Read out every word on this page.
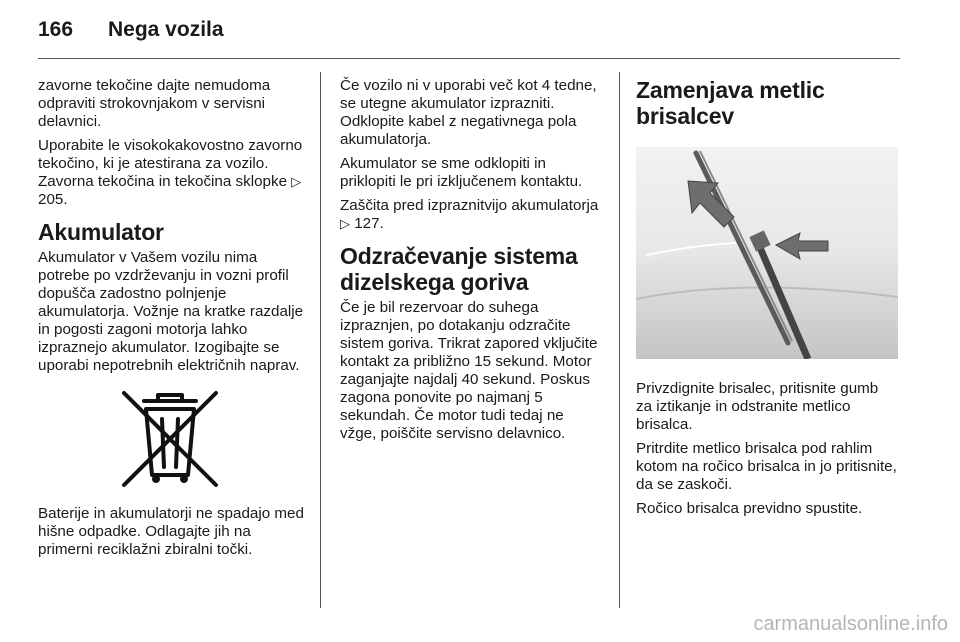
166 Nega vozila

zavorne tekočine dajte nemudoma odpraviti strokovnjakom v servisni delavnici.

Uporabite le visokokakovostno zavorno tekočino, ki je atestirana za vozilo. Zavorna tekočina in tekočina sklopke ▷ 205.

Akumulator

Akumulator v Vašem vozilu nima potrebe po vzdrževanju in vozni profil dopušča zadostno polnjenje akumulatorja. Vožnje na kratke razdalje in pogosti zagoni motorja lahko izpraznejo akumulator. Izogibajte se uporabi nepotrebnih električnih naprav.

Baterije in akumulatorji ne spadajo med hišne odpadke. Odlagajte jih na primerni reciklažni zbiralni točki.

Če vozilo ni v uporabi več kot 4 tedne, se utegne akumulator izprazniti. Odklopite kabel z negativnega pola akumulatorja.

Akumulator se sme odklopiti in priklopiti le pri izključenem kontaktu.

Zaščita pred izpraznitvijo akumulatorja ▷ 127.

Odzračevanje sistema dizelskega goriva

Če je bil rezervoar do suhega izpraznjen, po dotakanju odzračite sistem goriva. Trikrat zapored vključite kontakt za približno 15 sekund. Motor zaganjajte najdalj 40 sekund. Poskus zagona ponovite po najmanj 5 sekundah. Če motor tudi tedaj ne vžge, poiščite servisno delavnico.

Zamenjava metlic brisalcev

Privzdignite brisalec, pritisnite gumb za iztikanje in odstranite metlico brisalca.

Pritrdite metlico brisalca pod rahlim kotom na ročico brisalca in jo pritisnite, da se zaskoči.

Ročico brisalca previdno spustite.

carmanualsonline.info
